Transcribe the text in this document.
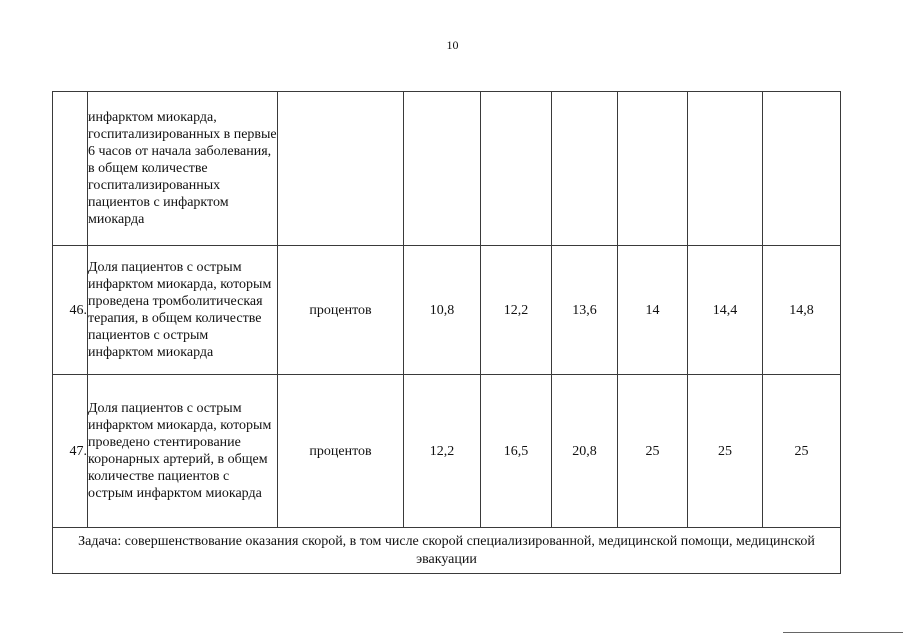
10
	инфарктом миокарда, госпитализированных в первые 6 часов от начала заболевания, в общем количестве госпитализированных пациентов с инфарктом миокарда							
46.	Доля пациентов с острым инфарктом миокарда, которым проведена тромболитическая терапия, в общем количестве пациентов с острым инфарктом миокарда	процентов	10,8	12,2	13,6	14	14,4	14,8
47.	Доля пациентов с острым инфарктом миокарда, которым проведено стентирование коронарных артерий, в общем количестве пациентов с острым инфарктом миокарда	процентов	12,2	16,5	20,8	25	25	25
Задача: совершенствование оказания скорой, в том числе скорой специализированной, медицинской помощи, медицинской эвакуации								
